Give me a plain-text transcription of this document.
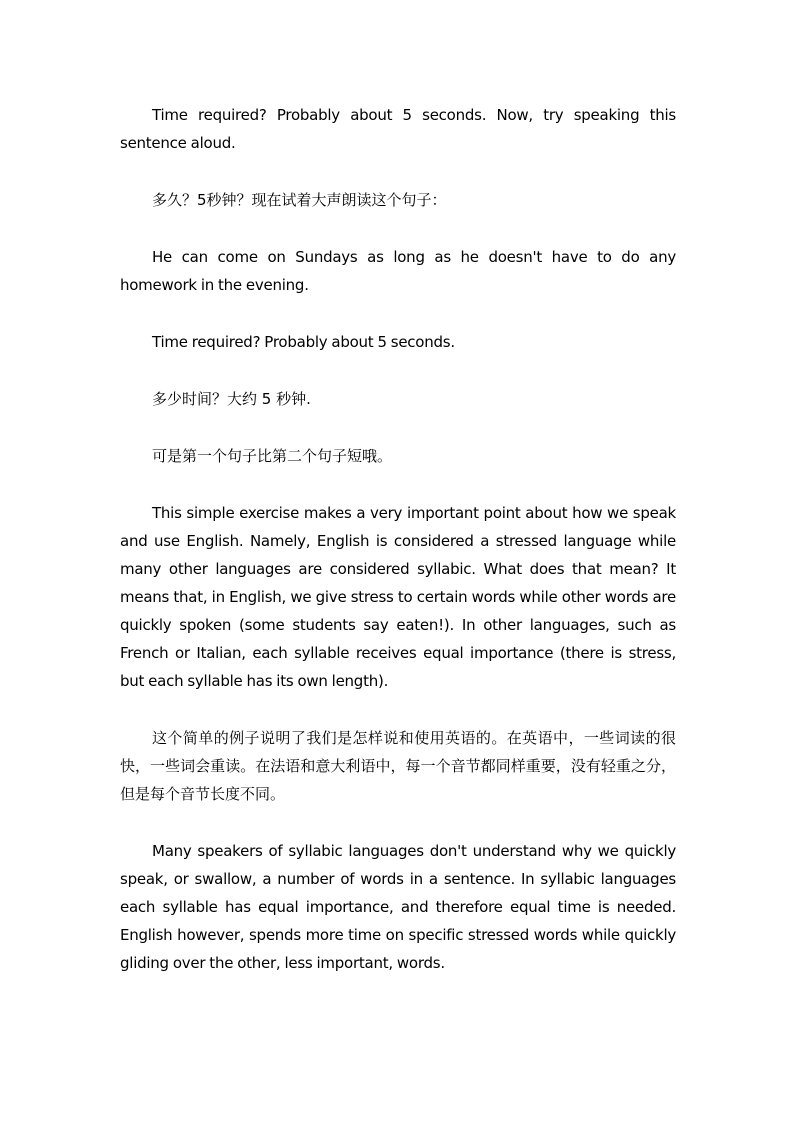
Time required? Probably about 5 seconds. Now, try speaking this sentence aloud.

多久？5秒钟？现在试着大声朗读这个句子：

He can come on Sundays as long as he doesn't have to do any homework in the evening.

Time required? Probably about 5 seconds.

多少时间？大约 5 秒钟.

可是第一个句子比第二个句子短哦。

This simple exercise makes a very important point about how we speak and use English. Namely, English is considered a stressed language while many other languages are considered syllabic. What does that mean? It means that, in English, we give stress to certain words while other words are quickly spoken (some students say eaten!). In other languages, such as French or Italian, each syllable receives equal importance (there is stress, but each syllable has its own length).

这个简单的例子说明了我们是怎样说和使用英语的。在英语中，一些词读的很快，一些词会重读。在法语和意大利语中，每一个音节都同样重要，没有轻重之分，但是每个音节长度不同。

Many speakers of syllabic languages don't understand why we quickly speak, or swallow, a number of words in a sentence. In syllabic languages each syllable has equal importance, and therefore equal time is needed. English however, spends more time on specific stressed words while quickly gliding over the other, less important, words.
